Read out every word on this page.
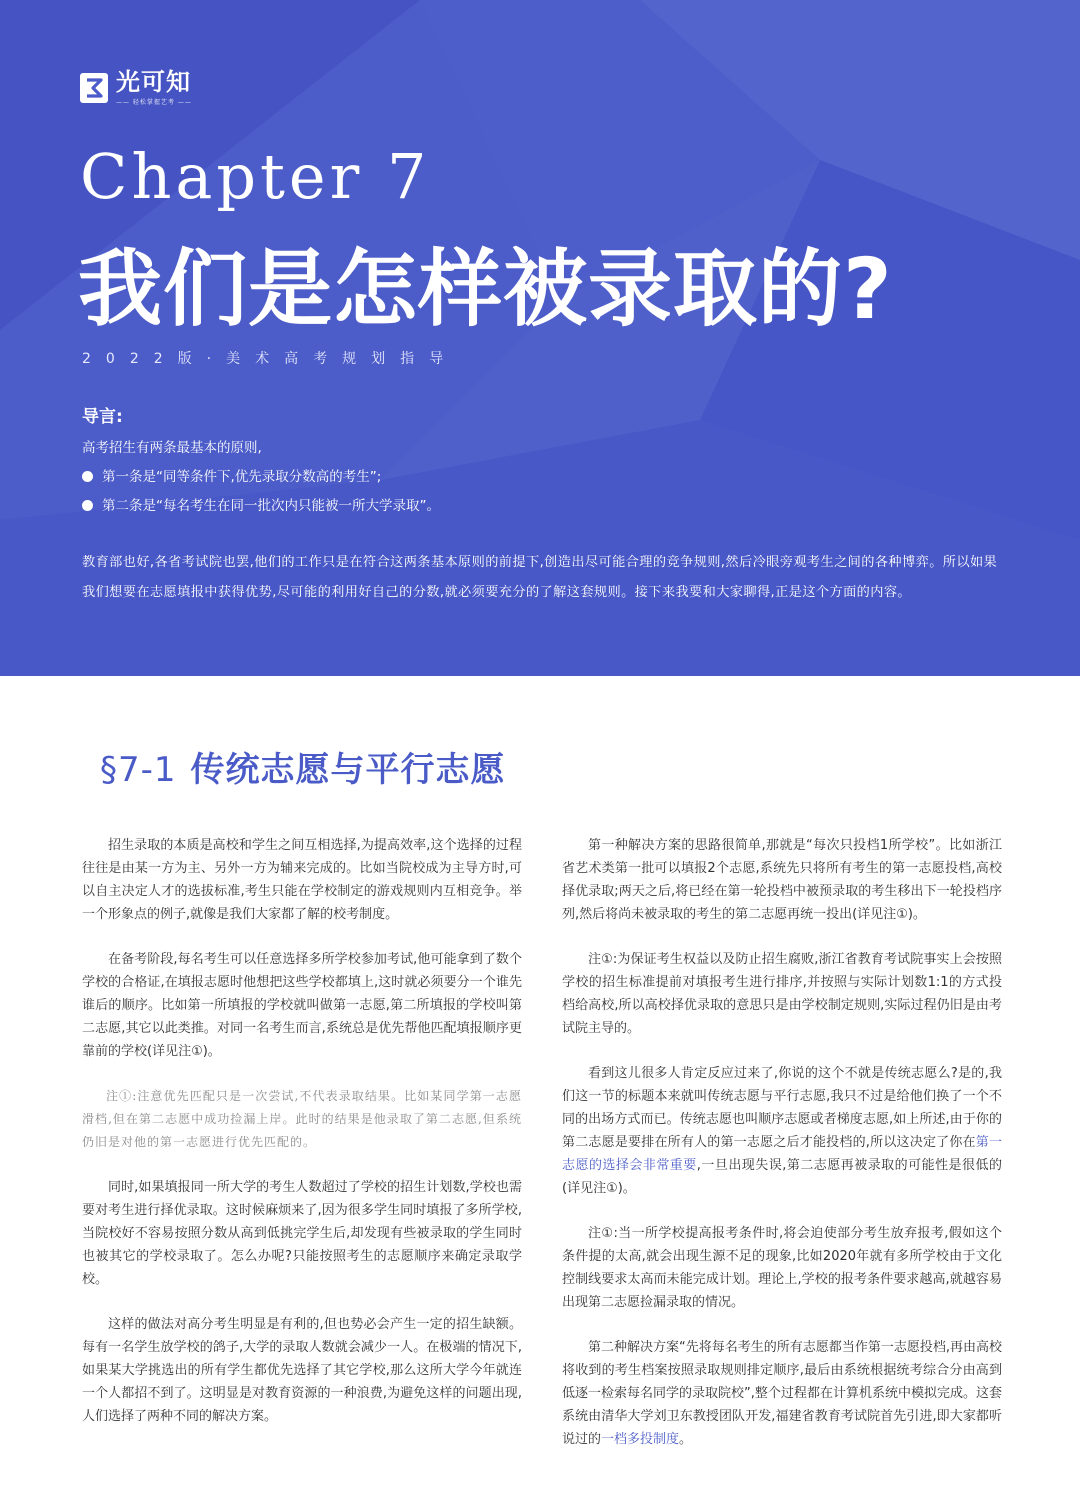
光可知
—— 轻松掌握艺考 ——
Chapter 7
我们是怎样被录取的?
2022版·美术高考规划指导
导言:
高考招生有两条最基本的原则,
第一条是“同等条件下,优先录取分数高的考生”;
第二条是“每名考生在同一批次内只能被一所大学录取”。
教育部也好,各省考试院也罢,他们的工作只是在符合这两条基本原则的前提下,创造出尽可能合理的竞争规则,然后冷眼旁观考生之间的各种博弈。所以如果我们想要在志愿填报中获得优势,尽可能的利用好自己的分数,就必须要充分的了解这套规则。接下来我要和大家聊得,正是这个方面的内容。
§7-1 传统志愿与平行志愿

招生录取的本质是高校和学生之间互相选择,为提高效率,这个选择的过程往往是由某一方为主、另外一方为辅来完成的。比如当院校成为主导方时,可以自主决定人才的选拔标准,考生只能在学校制定的游戏规则内互相竞争。举一个形象点的例子,就像是我们大家都了解的校考制度。

在备考阶段,每名考生可以任意选择多所学校参加考试,他可能拿到了数个学校的合格证,在填报志愿时他想把这些学校都填上,这时就必须要分一个谁先谁后的顺序。比如第一所填报的学校就叫做第一志愿,第二所填报的学校叫第二志愿,其它以此类推。对同一名考生而言,系统总是优先帮他匹配填报顺序更靠前的学校(详见注①)。

注①:注意优先匹配只是一次尝试,不代表录取结果。比如某同学第一志愿滑档,但在第二志愿中成功捡漏上岸。此时的结果是他录取了第二志愿,但系统仍旧是对他的第一志愿进行优先匹配的。

同时,如果填报同一所大学的考生人数超过了学校的招生计划数,学校也需要对考生进行择优录取。这时候麻烦来了,因为很多学生同时填报了多所学校,当院校好不容易按照分数从高到低挑完学生后,却发现有些被录取的学生同时也被其它的学校录取了。怎么办呢?只能按照考生的志愿顺序来确定录取学校。

这样的做法对高分考生明显是有利的,但也势必会产生一定的招生缺额。每有一名学生放学校的鸽子,大学的录取人数就会减少一人。在极端的情况下,如果某大学挑选出的所有学生都优先选择了其它学校,那么这所大学今年就连一个人都招不到了。这明显是对教育资源的一种浪费,为避免这样的问题出现,人们选择了两种不同的解决方案。

第一种解决方案的思路很简单,那就是“每次只投档1所学校”。比如浙江省艺术类第一批可以填报2个志愿,系统先只将所有考生的第一志愿投档,高校择优录取;两天之后,将已经在第一轮投档中被预录取的考生移出下一轮投档序列,然后将尚未被录取的考生的第二志愿再统一投出(详见注①)。

注①:为保证考生权益以及防止招生腐败,浙江省教育考试院事实上会按照学校的招生标准提前对填报考生进行排序,并按照与实际计划数1:1的方式投档给高校,所以高校择优录取的意思只是由学校制定规则,实际过程仍旧是由考试院主导的。

看到这儿很多人肯定反应过来了,你说的这个不就是传统志愿么?是的,我们这一节的标题本来就叫传统志愿与平行志愿,我只不过是给他们换了一个不同的出场方式而已。传统志愿也叫顺序志愿或者梯度志愿,如上所述,由于你的第二志愿是要排在所有人的第一志愿之后才能投档的,所以这决定了你在第一志愿的选择会非常重要,一旦出现失误,第二志愿再被录取的可能性是很低的(详见注①)。

注①:当一所学校提高报考条件时,将会迫使部分考生放弃报考,假如这个条件提的太高,就会出现生源不足的现象,比如2020年就有多所学校由于文化控制线要求太高而未能完成计划。理论上,学校的报考条件要求越高,就越容易出现第二志愿捡漏录取的情况。

第二种解决方案“先将每名考生的所有志愿都当作第一志愿投档,再由高校将收到的考生档案按照录取规则排定顺序,最后由系统根据统考综合分由高到低逐一检索每名同学的录取院校”,整个过程都在计算机系统中模拟完成。这套系统由清华大学刘卫东教授团队开发,福建省教育考试院首先引进,即大家都听说过的一档多投制度。
